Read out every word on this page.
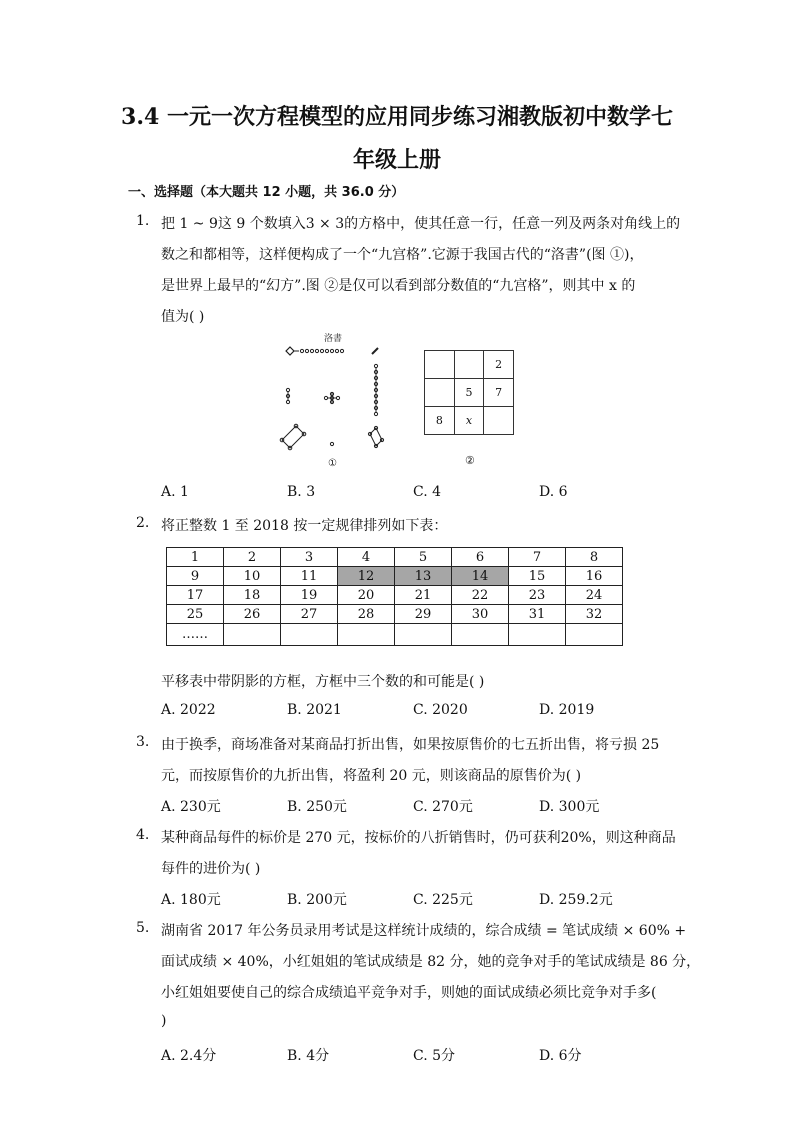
3.4 一元一次方程模型的应用同步练习湘教版初中数学七
年级上册
一、选择题（本大题共 12 小题，共 36.0 分）
1. 把 1 ~ 9这 9 个数填入3 × 3的方格中，使其任意一行，任意一列及两条对角线上的
数之和都相等，这样便构成了一个“九宫格”.它源于我国古代的“洛書”(图 ①)，
是世界上最早的“幻方”.图 ②是仅可以看到部分数值的“九宫格”，则其中 x 的
值为( )
洛書
①
		2
	5	7
8	x	
②
A. 1	B. 3	C. 4	D. 6
2. 将正整数 1 至 2018 按一定规律排列如下表：
1	2	3	4	5	6	7	8
9	10	11	12	13	14	15	16
17	18	19	20	21	22	23	24
25	26	27	28	29	30	31	32
……							
平移表中带阴影的方框，方框中三个数的和可能是( )
A. 2022	B. 2021	C. 2020	D. 2019
3. 由于换季，商场准备对某商品打折出售，如果按原售价的七五折出售，将亏损 25
元，而按原售价的九折出售，将盈利 20 元，则该商品的原售价为( )
A. 230元	B. 250元	C. 270元	D. 300元
4. 某种商品每件的标价是 270 元，按标价的八折销售时，仍可获利20%，则这种商品
每件的进价为( )
A. 180元	B. 200元	C. 225元	D. 259.2元
5. 湖南省 2017 年公务员录用考试是这样统计成绩的，综合成绩 = 笔试成绩 × 60% +
面试成绩 × 40%，小红姐姐的笔试成绩是 82 分，她的竞争对手的笔试成绩是 86 分，
小红姐姐要使自己的综合成绩追平竞争对手，则她的面试成绩必须比竞争对手多(
)
A. 2.4分	B. 4分	C. 5分	D. 6分
